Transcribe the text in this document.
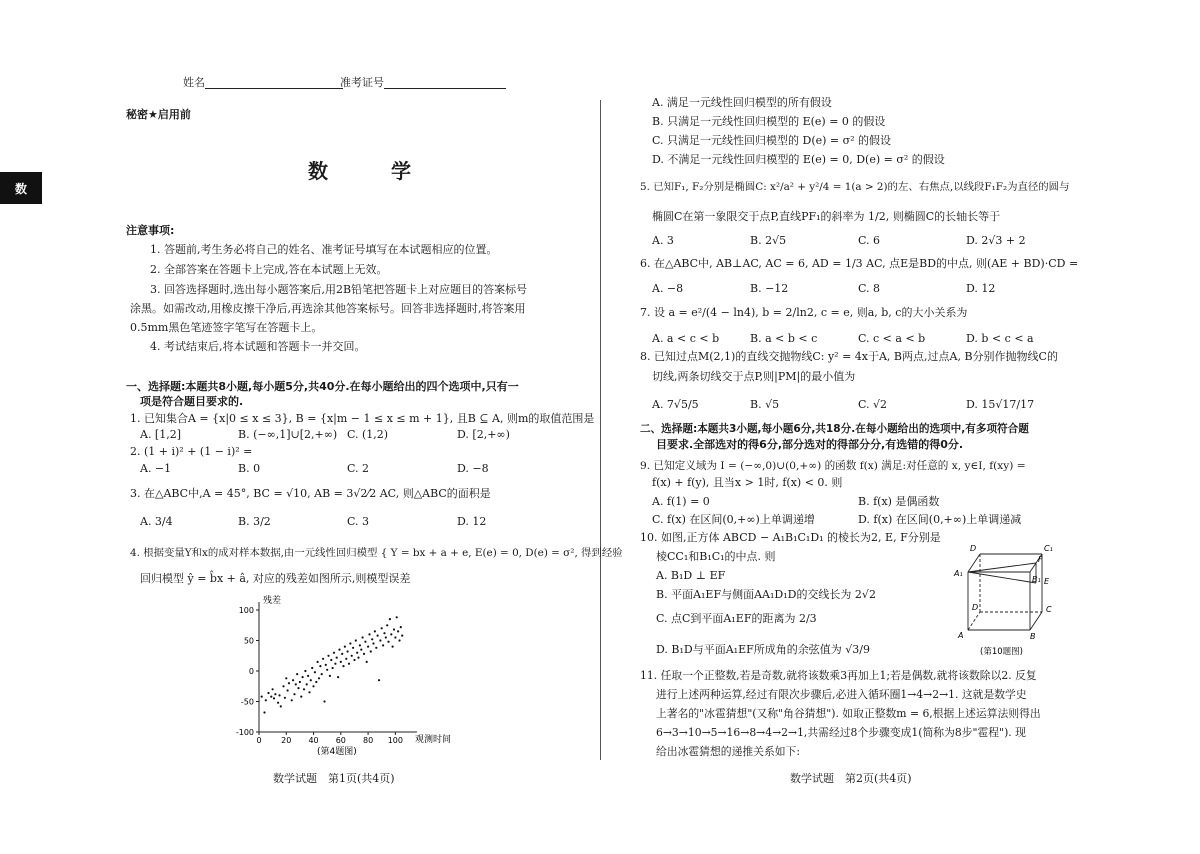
数
姓名	准考证号
秘密★启用前
数 学
注意事项:
1. 答题前,考生务必将自己的姓名、准考证号填写在本试题相应的位置。
2. 全部答案在答题卡上完成,答在本试题上无效。
3. 回答选择题时,选出每小题答案后,用2B铅笔把答题卡上对应题目的答案标号
涂黑。如需改动,用橡皮擦干净后,再选涂其他答案标号。回答非选择题时,将答案用
0.5mm黑色笔迹签字笔写在答题卡上。
4. 考试结束后,将本试题和答题卡一并交回。
一、选择题:本题共8小题,每小题5分,共40分.在每小题给出的四个选项中,只有一
项是符合题目要求的.
1. 已知集合A = {x|0 ≤ x ≤ 3}, B = {x|m − 1 ≤ x ≤ m + 1}, 且B ⊆ A, 则m的取值范围是
A. [1,2]	B. (−∞,1]∪[2,+∞) C. (1,2)	D. [2,+∞)
2. (1 + i)² + (1 − i)² =
A. −1	B. 0	C. 2	D. −8
3. 在△ABC中,A = 45°, BC = √10, AB = 3√2⁄2 AC, 则△ABC的面积是
A. 3/4	B. 3/2	C. 3	D. 12
4. 根据变量Y和x的成对样本数据,由一元线性回归模型 { Y = bx + a + e, E(e) = 0, D(e) = σ², 得到经验
回归模型 ŷ = b̂x + â, 对应的残差如图所示,则模型误差
0 20 40 60 80 100
-100
-50
0
50
100
残差
观测时间
(第4题图)
数学试题　第1页(共4页)
A. 满足一元线性回归模型的所有假设
B. 只满足一元线性回归模型的 E(e) = 0 的假设
C. 只满足一元线性回归模型的 D(e) = σ² 的假设
D. 不满足一元线性回归模型的 E(e) = 0, D(e) = σ² 的假设
5. 已知F₁, F₂分别是椭圆C: x²/a² + y²/4 = 1(a > 2)的左、右焦点,以线段F₁F₂为直径的圆与
椭圆C在第一象限交于点P,直线PF₁的斜率为 1/2, 则椭圆C的长轴长等于
A. 3	B. 2√5	C. 6	D. 2√3 + 2
6. 在△ABC中, AB⊥AC, AC = 6, AD = 1/3 AC, 点E是BD的中点, 则(AE + BD)·CD =
A. −8	B. −12	C. 8	D. 12
7. 设 a = e²/(4 − ln4), b = 2/ln2, c = e, 则a, b, c的大小关系为
A. a < c < b	B. a < b < c	C. c < a < b	D. b < c < a
8. 已知过点M(2,1)的直线交抛物线C: y² = 4x于A, B两点,过点A, B分别作抛物线C的
切线,两条切线交于点P,则|PM|的最小值为
A. 7√5/5	B. √5	C. √2	D. 15√17/17
二、选择题:本题共3小题,每小题6分,共18分.在每小题给出的选项中,有多项符合题
目要求.全部选对的得6分,部分选对的得部分分,有选错的得0分.
9. 已知定义域为 I = (−∞,0)∪(0,+∞) 的函数 f(x) 满足:对任意的 x, y∈I, f(xy) =
f(x) + f(y), 且当x > 1时, f(x) < 0. 则
A. f(1) = 0	B. f(x) 是偶函数
C. f(x) 在区间(0,+∞)上单调递增	D. f(x) 在区间(0,+∞)上单调递减
10. 如图,正方体 ABCD − A₁B₁C₁D₁ 的棱长为2, E, F分别是
棱CC₁和B₁C₁的中点. 则
A. B₁D ⊥ EF
B. 平面A₁EF与侧面AA₁D₁D的交线长为 2√2
C. 点C到平面A₁EF的距离为 2/3
D. B₁D与平面A₁EF所成角的余弦值为 √3/9
D	C₁
F
A₁
B₁ E
D	C
A	B
(第10题图)
11. 任取一个正整数,若是奇数,就将该数乘3再加上1;若是偶数,就将该数除以2. 反复
进行上述两种运算,经过有限次步骤后,必进入循环圈1→4→2→1. 这就是数学史
上著名的"冰雹猜想"(又称"角谷猜想"). 如取正整数m = 6,根据上述运算法则得出
6→3→10→5→16→8→4→2→1,共需经过8个步骤变成1(简称为8步"雹程"). 现
给出冰雹猜想的递推关系如下:
数学试题　第2页(共4页)
